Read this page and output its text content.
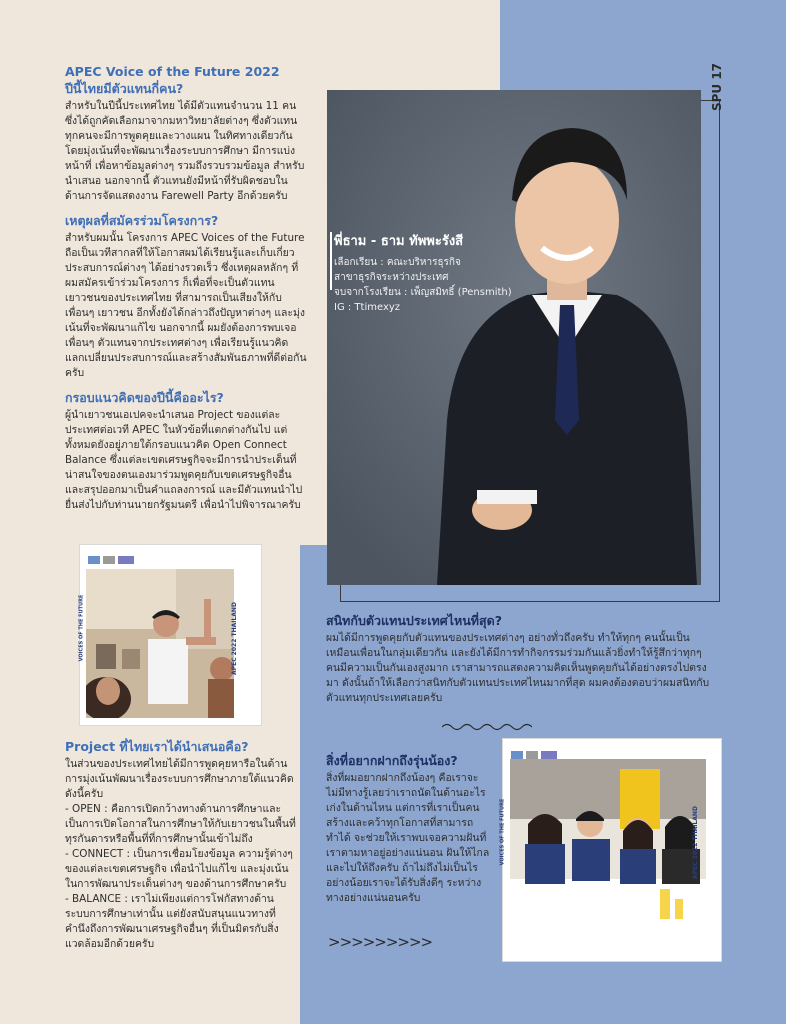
SPU 17
APEC Voice of the Future 2022
ปีนี้ไทยมีตัวแทนกี่คน?

สำหรับในปีนี้ประเทศไทย ได้มีตัวแทนจำนวน 11 คน ซึ่งได้ถูกคัดเลือกมาจากมหาวิทยาลัยต่างๆ ซึ่งตัวแทนทุกคนจะมีการพูดคุยและวางแผน ในทิศทางเดียวกัน โดยมุ่งเน้นที่จะพัฒนาเรื่องระบบการศึกษา มีการแบ่งหน้าที่ เพื่อหาข้อมูลต่างๆ รวมถึงรวบรวมข้อมูล สำหรับนำเสนอ นอกจากนี้ ตัวแทนยังมีหน้าที่รับผิดชอบในด้านการจัดแสดงงาน Farewell Party อีกด้วยครับ

เหตุผลที่สมัครร่วมโครงการ?

สำหรับผมนั้น โครงการ APEC Voices of the Future ถือเป็นเวทีสากลที่ให้โอกาสผมได้เรียนรู้และเก็บเกี่ยวประสบการณ์ต่างๆ ได้อย่างรวดเร็ว ซึ่งเหตุผลหลักๆ ที่ผมสมัครเข้าร่วมโครงการ ก็เพื่อที่จะเป็นตัวแทนเยาวชนของประเทศไทย ที่สามารถเป็นเสียงให้กับเพื่อนๆ เยาวชน อีกทั้งยังได้กล่าวถึงปัญหาต่างๆ และมุ่งเน้นที่จะพัฒนาแก้ไข นอกจากนี้ ผมยังต้องการพบเจอเพื่อนๆ ตัวแทนจากประเทศต่างๆ เพื่อเรียนรู้แนวคิด แลกเปลี่ยนประสบการณ์และสร้างสัมพันธภาพที่ดีต่อกันครับ

กรอบแนวคิดของปีนี้คืออะไร?

ผู้นำเยาวชนเอเปคจะนำเสนอ Project ของแต่ละประเทศต่อเวที APEC ในหัวข้อที่แตกต่างกันไป แต่ทั้งหมดยังอยู่ภายใต้กรอบแนวคิด Open Connect Balance ซึ่งแต่ละเขตเศรษฐกิจจะมีการนำประเด็นที่น่าสนใจของตนเองมาร่วมพูดคุยกับเขตเศรษฐกิจอื่นและสรุปออกมาเป็นคำแถลงการณ์ และมีตัวแทนนำไปยื่นส่งไปกับท่านนายกรัฐมนตรี เพื่อนำไปพิจารณาครับ

APEC 2022 THAILAND
VOICES OF THE FUTURE
พี่ธาม - ธาม ทัพพะรังสี
เลือกเรียน : คณะบริหารธุรกิจ
สาขาธุรกิจระหว่างประเทศ
จบจากโรงเรียน : เพ็ญสมิทธิ์ (Pensmith)
IG : Ttimexyz
สนิทกับตัวแทนประเทศไหนที่สุด?

ผมได้มีการพูดคุยกับตัวแทนของประเทศต่างๆ อย่างทั่วถึงครับ ทำให้ทุกๆ คนนั้นเป็นเหมือนเพื่อนในกลุ่มเดียวกัน และยังได้มีการทำกิจกรรมร่วมกันแล้วยิ่งทำให้รู้สึกว่าทุกๆ คนมีความเป็นกันเองสูงมาก เราสามารถแสดงความคิดเห็นพูดคุยกันได้อย่างตรงไปตรงมา ดังนั้นถ้าให้เลือกว่าสนิทกับตัวแทนประเทศไหนมากที่สุด ผมคงต้องตอบว่าผมสนิทกับตัวแทนทุกประเทศเลยครับ

สิ่งที่อยากฝากถึงรุ่นน้อง?

สิ่งที่ผมอยากฝากถึงน้องๆ คือเราจะไม่มีทางรู้เลยว่าเราถนัดในด้านอะไร เก่งในด้านไหน แต่การที่เราเป็นคนสร้างและคว้าทุกโอกาสที่สามารถทำได้ จะช่วยให้เราพบเจอความฝันที่เราตามหาอยู่อย่างแน่นอน ฝันให้ไกลและไปให้ถึงครับ ถ้าไม่ถึงไม่เป็นไร อย่างน้อยเราจะได้รับสิ่งดีๆ ระหว่างทางอย่างแน่นอนครับ

>>>>>>>>>
APEC 2022 THAILAND
VOICES OF THE FUTURE
Project ที่ไทยเราได้นำเสนอคือ?

ในส่วนของประเทศไทยได้มีการพูดคุยหารือในด้านการมุ่งเน้นพัฒนาเรื่องระบบการศึกษาภายใต้แนวคิดดังนี้ครับ

- OPEN : คือการเปิดกว้างทางด้านการศึกษาและเป็นการเปิดโอกาสในการศึกษาให้กับเยาวชนในพื้นที่ทุรกันดารหรือพื้นที่ที่การศึกษานั้นเข้าไม่ถึง

- CONNECT : เป็นการเชื่อมโยงข้อมูล ความรู้ต่างๆ ของแต่ละเขตเศรษฐกิจ เพื่อนำไปแก้ไข และมุ่งเน้นในการพัฒนาประเด็นต่างๆ ของด้านการศึกษาครับ

- BALANCE : เราไม่เพียงแต่การโฟกัสทางด้านระบบการศึกษาเท่านั้น แต่ยังสนับสนุนแนวทางที่คำนึงถึงการพัฒนาเศรษฐกิจอื่นๆ ที่เป็นมิตรกับสิ่งแวดล้อมอีกด้วยครับ
